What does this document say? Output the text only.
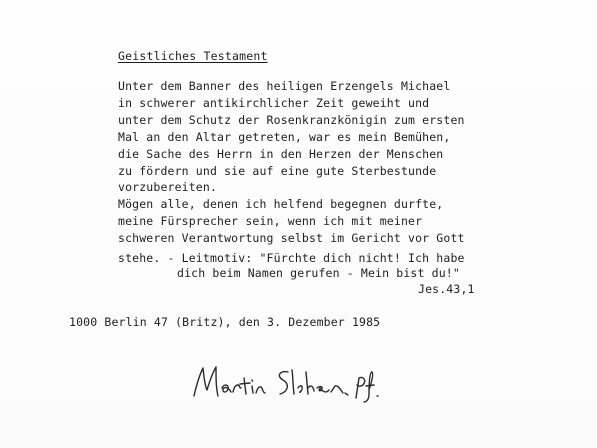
Geistliches Testament
Unter dem Banner des heiligen Erzengels Michael
in schwerer antikirchlicher Zeit geweiht und
unter dem Schutz der Rosenkranzkönigin zum ersten
Mal an den Altar getreten, war es mein Bemühen,
die Sache des Herrn in den Herzen der Menschen
zu fördern und sie auf eine gute Sterbestunde
vorzubereiten.
Mögen alle, denen ich helfend begegnen durfte,
meine Fürsprecher sein, wenn ich mit meiner
schweren Verantwortung selbst im Gericht vor Gott
stehe. - Leitmotiv: "Fürchte dich nicht! Ich habe
dich beim Namen gerufen - Mein bist du!"
Jes.43,1
1000 Berlin 47 (Britz), den 3. Dezember 1985
